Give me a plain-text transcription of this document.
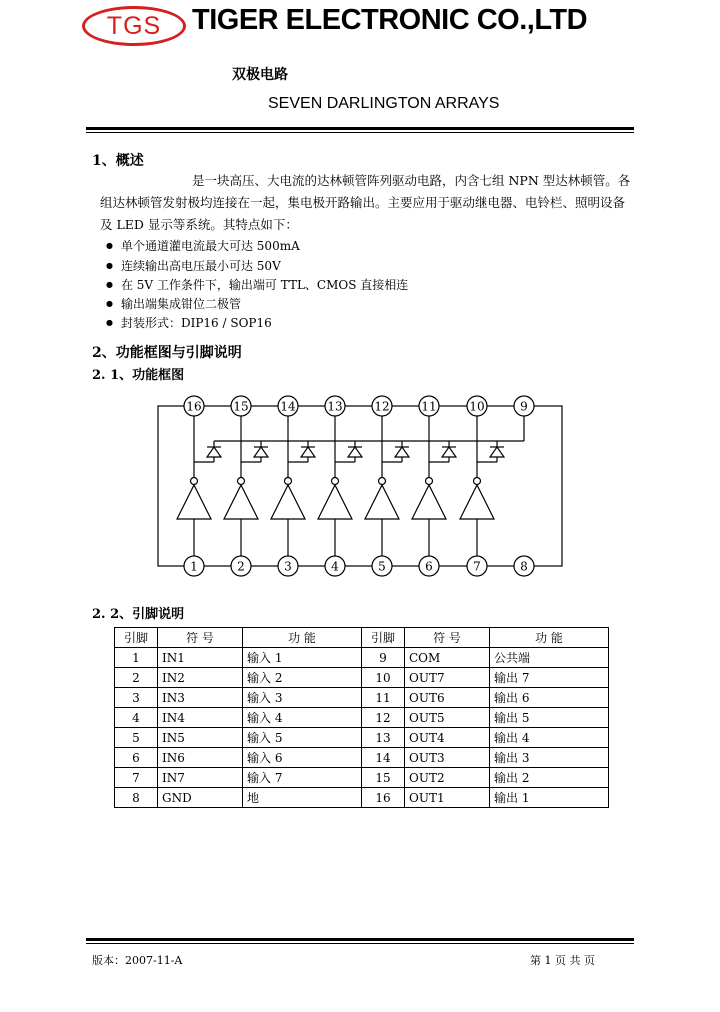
TGS TIGER ELECTRONIC CO.,LTD
双极电路
SEVEN DARLINGTON ARRAYS
1、概述
是一块高压、大电流的达林顿管阵列驱动电路，内含七组 NPN 型达林顿管。各组达林顿管发射极均连接在一起，集电极开路输出。主要应用于驱动继电器、电铃栏、照明设备及 LED 显示等系统。其特点如下：
● 单个通道灌电流最大可达 500mA
● 连续输出高电压最小可达 50V
● 在 5V 工作条件下，输出端可 TTL、CMOS 直接相连
● 输出端集成钳位二极管
● 封装形式：DIP16 / SOP16
2、功能框图与引脚说明
2. 1、功能框图
16	15	14	13	12	11	10	9
1	2	3	4	5	6	7	8
2. 2、引脚说明
引脚	符 号	功 能	引脚	符 号	功 能
1	IN1	输入 1	9	COM	公共端
2	IN2	输入 2	10	OUT7	输出 7
3	IN3	输入 3	11	OUT6	输出 6
4	IN4	输入 4	12	OUT5	输出 5
5	IN5	输入 5	13	OUT4	输出 4
6	IN6	输入 6	14	OUT3	输出 3
7	IN7	输入 7	15	OUT2	输出 2
8	GND	地	16	OUT1	输出 1
版本：2007-11-A	第 1 页 共 页
